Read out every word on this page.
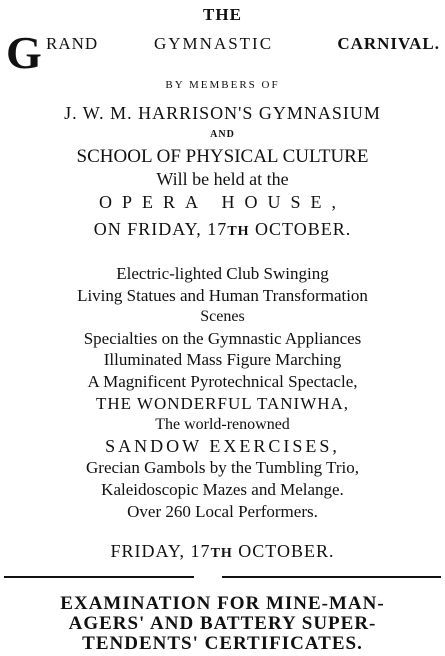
THE
G RAND	GYMNASTIC	CARNIVAL.
BY MEMBERS OF
J. W. M. HARRISON'S GYMNASIUM
AND
SCHOOL OF PHYSICAL CULTURE
Will be held at the
OPERA HOUSE,
ON FRIDAY, 17TH OCTOBER.
Electric-lighted Club Swinging
Living Statues and Human Transformation
Scenes
Specialties on the Gymnastic Appliances
Illuminated Mass Figure Marching
A Magnificent Pyrotechnical Spectacle,
THE WONDERFUL TANIWHA,
The world-renowned
SANDOW EXERCISES,
Grecian Gambols by the Tumbling Trio,
Kaleidoscopic Mazes and Melange.
Over 260 Local Performers.
FRIDAY, 17TH OCTOBER.
EXAMINATION FOR MINE-MAN-
AGERS' AND BATTERY SUPER-
TENDENTS' CERTIFICATES.
